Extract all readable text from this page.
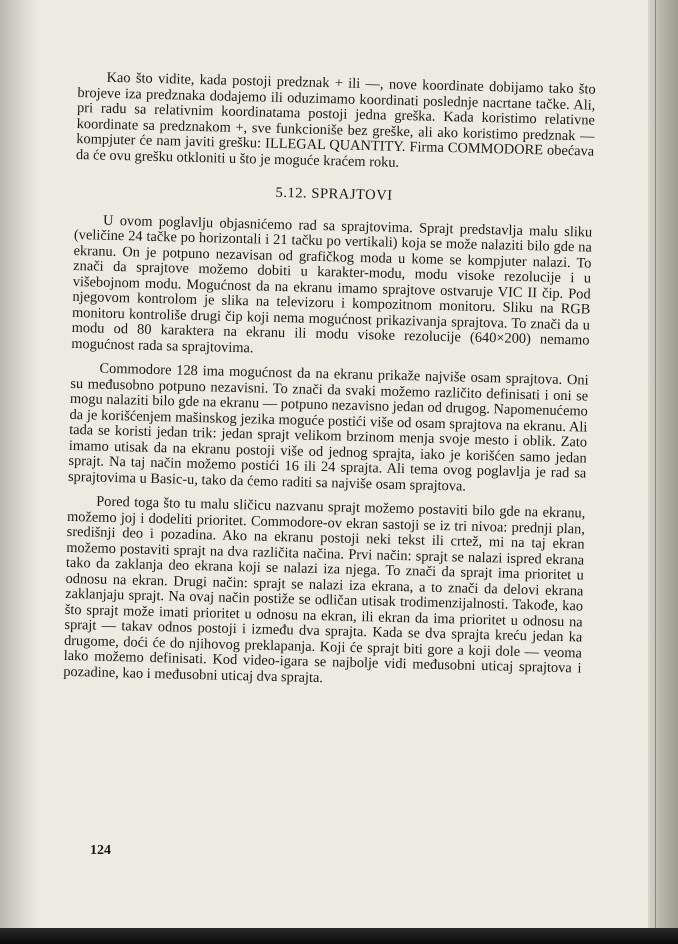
Kao što vidite, kada postoji predznak + ili —, nove koordinate dobijamo tako što brojeve iza predznaka dodajemo ili oduzimamo koordinati poslednje nacrtane tačke. Ali, pri radu sa relativnim koordinatama postoji jedna greška. Kada koristimo relativne koordinate sa predznakom +, sve funkcioniše bez greške, ali ako koristimo predznak — kompjuter će nam javiti grešku: ILLEGAL QUANTITY. Firma COMMODORE obećava da će ovu grešku otkloniti u što je moguće kraćem roku.

5.12. SPRAJTOVI

U ovom poglavlju objasnićemo rad sa sprajtovima. Sprajt predstavlja malu sliku (veličine 24 tačke po horizontali i 21 tačku po vertikali) koja se može nalaziti bilo gde na ekranu. On je potpuno nezavisan od grafičkog moda u kome se kompjuter nalazi. To znači da sprajtove možemo dobiti u karakter-modu, modu visoke rezolucije i u višebojnom modu. Mogućnost da na ekranu imamo sprajtove ostvaruje VIC II čip. Pod njegovom kontrolom je slika na televizoru i kompozitnom monitoru. Sliku na RGB monitoru kontroliše drugi čip koji nema mogućnost prikazivanja sprajtova. To znači da u modu od 80 karaktera na ekranu ili modu visoke rezolucije (640×200) nemamo mogućnost rada sa sprajtovima.

Commodore 128 ima mogućnost da na ekranu prikaže najviše osam sprajtova. Oni su međusobno potpuno nezavisni. To znači da svaki možemo različito definisati i oni se mogu nalaziti bilo gde na ekranu — potpuno nezavisno jedan od drugog. Napomenućemo da je korišćenjem mašinskog jezika moguće postići više od osam sprajtova na ekranu. Ali tada se koristi jedan trik: jedan sprajt velikom brzinom menja svoje mesto i oblik. Zato imamo utisak da na ekranu postoji više od jednog sprajta, iako je korišćen samo jedan sprajt. Na taj način možemo postići 16 ili 24 sprajta. Ali tema ovog poglavlja je rad sa sprajtovima u Basic-u, tako da ćemo raditi sa najviše osam sprajtova.

Pored toga što tu malu sličicu nazvanu sprajt možemo postaviti bilo gde na ekranu, možemo joj i dodeliti prioritet. Commodore-ov ekran sastoji se iz tri nivoa: prednji plan, središnji deo i pozadina. Ako na ekranu postoji neki tekst ili crtež, mi na taj ekran možemo postaviti sprajt na dva različita načina. Prvi način: sprajt se nalazi ispred ekrana tako da zaklanja deo ekrana koji se nalazi iza njega. To znači da sprajt ima prioritet u odnosu na ekran. Drugi način: sprajt se nalazi iza ekrana, a to znači da delovi ekrana zaklanjaju sprajt. Na ovaj način postiže se odličan utisak trodimenzijalnosti. Takođe, kao što sprajt može imati prioritet u odnosu na ekran, ili ekran da ima prioritet u odnosu na sprajt — takav odnos postoji i između dva sprajta. Kada se dva sprajta kreću jedan ka drugome, doći će do njihovog preklapanja. Koji će sprajt biti gore a koji dole — veoma lako možemo definisati. Kod video-igara se najbolje vidi međusobni uticaj sprajtova i pozadine, kao i međusobni uticaj dva sprajta.

124
